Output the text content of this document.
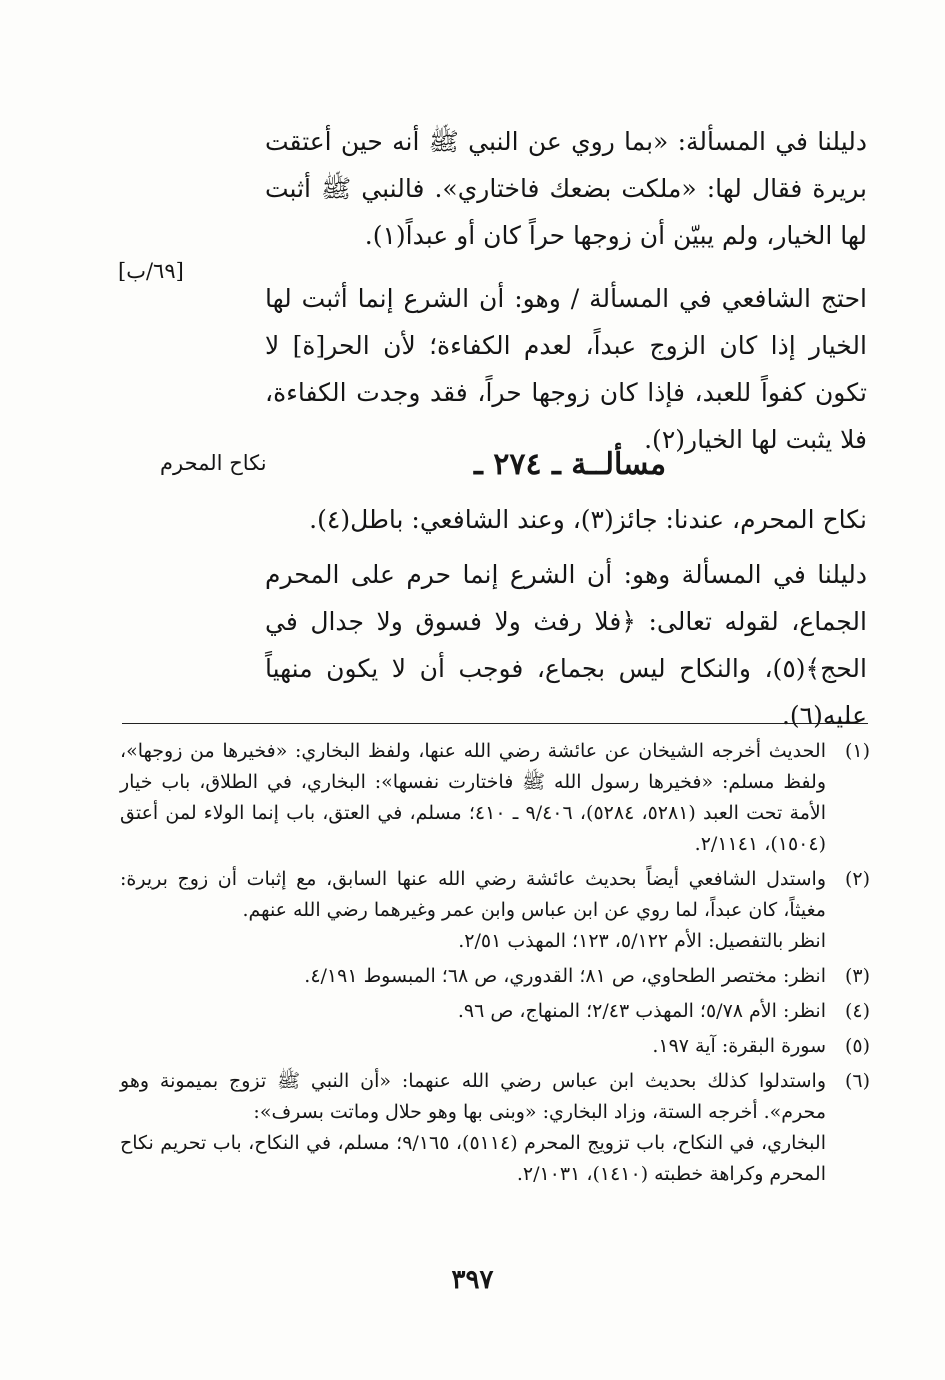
دليلنا في المسألة: «بما روي عن النبي ﷺ أنه حين أعتقت بريرة فقال لها: «ملكت بضعك فاختاري». فالنبي ﷺ أثبت لها الخيار، ولم يبيّن أن زوجها حراً كان أو عبداً(١).

احتج الشافعي في المسألة / وهو: أن الشرع إنما أثبت لها الخيار إذا كان الزوج عبداً، لعدم الكفاءة؛ لأن الحر[ة] لا تكون كفواً للعبد، فإذا كان زوجها حراً، فقد وجدت الكفاءة، فلا يثبت لها الخيار(٢).

[٦٩/ب]
مسألــة ـ ٢٧٤ ـ
نكاح المحرم

نكاح المحرم، عندنا: جائز(٣)، وعند الشافعي: باطل(٤).

دليلنا في المسألة وهو: أن الشرع إنما حرم على المحرم الجماع، لقوله تعالى: ﴿فلا رفث ولا فسوق ولا جدال في الحج﴾(٥)، والنكاح ليس بجماع، فوجب أن لا يكون منهياً عليه(٦).

(١)
الحديث أخرجه الشيخان عن عائشة رضي الله عنها، ولفظ البخاري: «فخيرها من زوجها»، ولفظ مسلم: «فخيرها رسول الله ﷺ فاختارت نفسها»: البخاري، في الطلاق، باب خيار الأمة تحت العبد (٥٢٨١، ٥٢٨٤)، ٩/٤٠٦ ـ ٤١٠؛ مسلم، في العتق، باب إنما الولاء لمن أعتق (١٥٠٤)، ٢/١١٤١.
(٢)
واستدل الشافعي أيضاً بحديث عائشة رضي الله عنها السابق، مع إثبات أن زوج بريرة: مغيثاً، كان عبداً، لما روي عن ابن عباس وابن عمر وغيرهما رضي الله عنهم.
انظر بالتفصيل: الأم ٥/١٢٢، ١٢٣؛ المهذب ٢/٥١.
(٣)
انظر: مختصر الطحاوي، ص ٨١؛ القدوري، ص ٦٨؛ المبسوط ٤/١٩١.
(٤)
انظر: الأم ٥/٧٨؛ المهذب ٢/٤٣؛ المنهاج، ص ٩٦.
(٥)
سورة البقرة: آية ١٩٧.
(٦)
واستدلوا كذلك بحديث ابن عباس رضي الله عنهما: «أن النبي ﷺ تزوج بميمونة وهو محرم». أخرجه الستة، وزاد البخاري: «وبنى بها وهو حلال وماتت بسرف»:
البخاري، في النكاح، باب تزويج المحرم (٥١١٤)، ٩/١٦٥؛ مسلم، في النكاح، باب تحريم نكاح المحرم وكراهة خطبته (١٤١٠)، ٢/١٠٣١.
٣٩٧
